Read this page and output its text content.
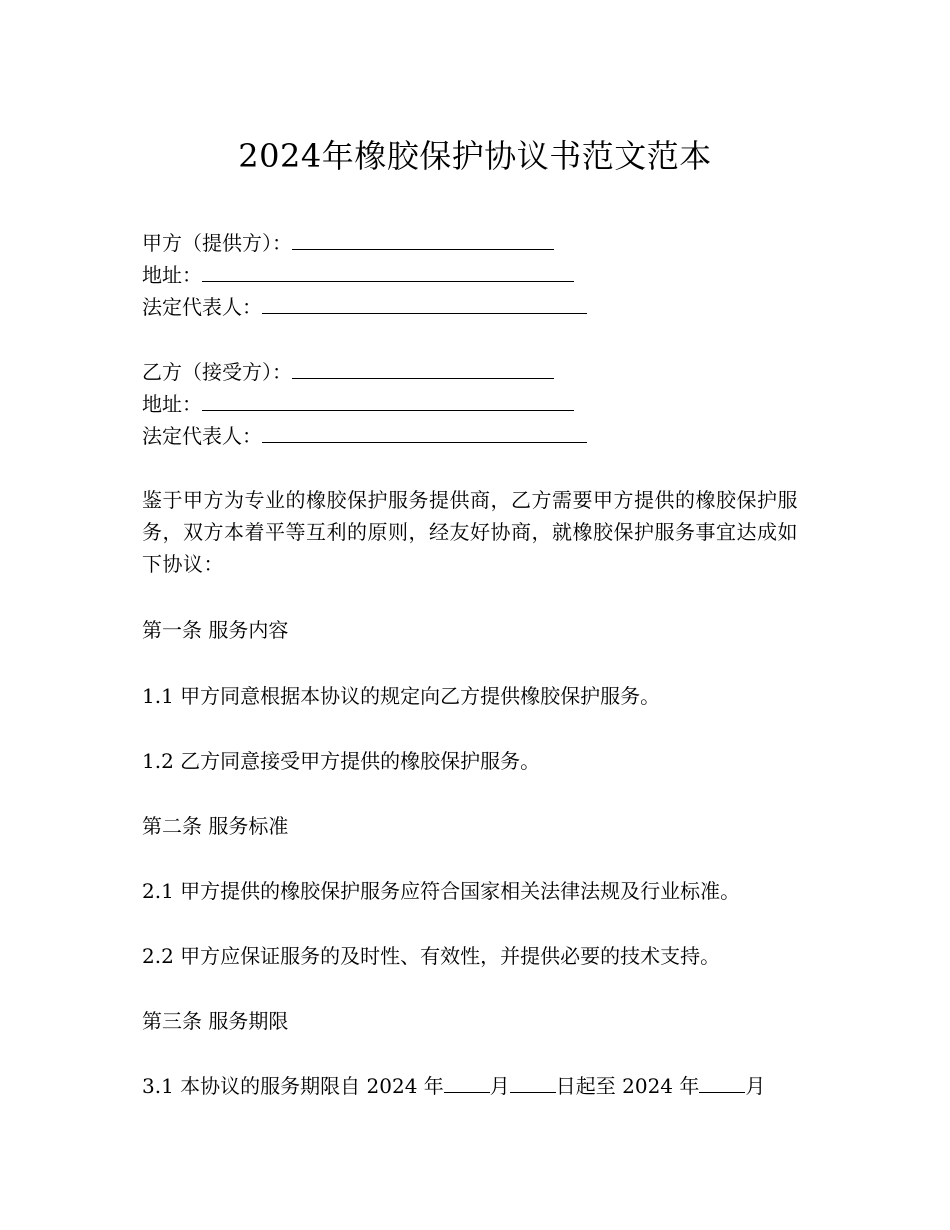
2024年橡胶保护协议书范文范本

甲方（提供方）：

地址：

法定代表人：

乙方（接受方）：

地址：

法定代表人：

鉴于甲方为专业的橡胶保护服务提供商，乙方需要甲方提供的橡胶保护服务，双方本着平等互利的原则，经友好协商，就橡胶保护服务事宜达成如下协议：

第一条 服务内容

1.1 甲方同意根据本协议的规定向乙方提供橡胶保护服务。

1.2 乙方同意接受甲方提供的橡胶保护服务。

第二条 服务标准

2.1 甲方提供的橡胶保护服务应符合国家相关法律法规及行业标准。

2.2 甲方应保证服务的及时性、有效性，并提供必要的技术支持。

第三条 服务期限

3.1 本协议的服务期限自 2024 年 月 日起至 2024 年 月
